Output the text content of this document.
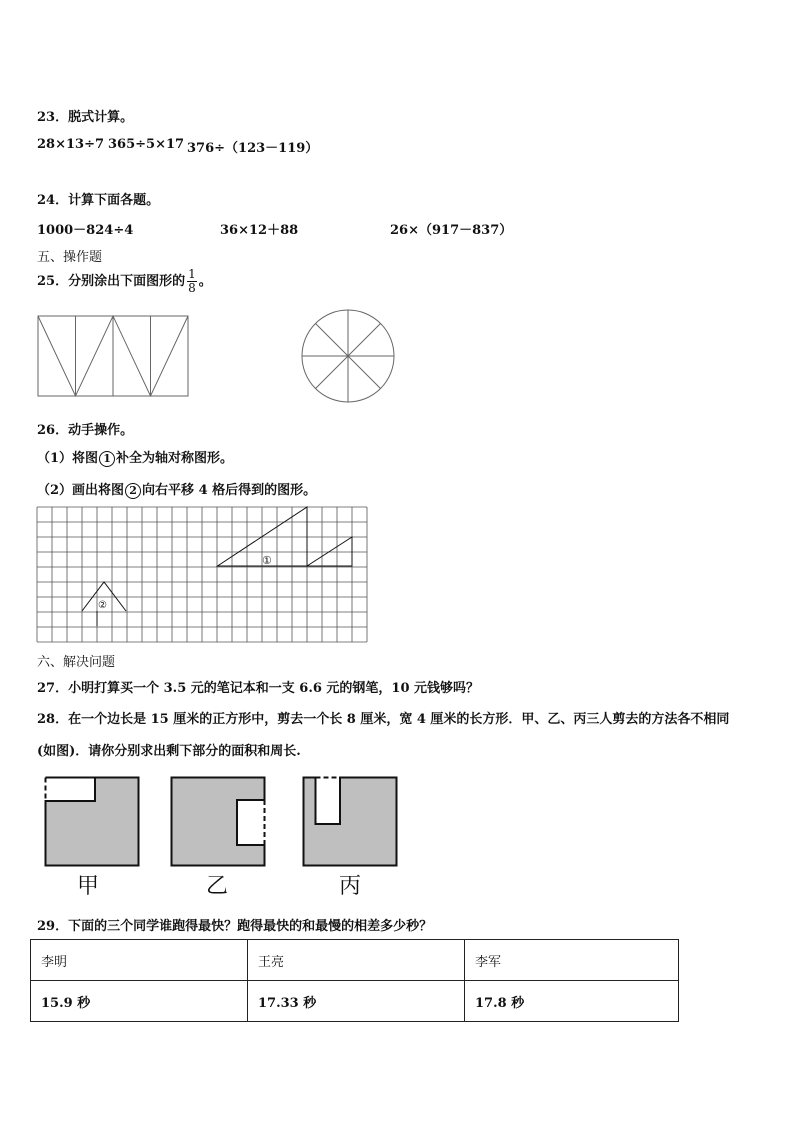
23．脱式计算。
28×13÷7 365÷5×17 376÷（123－119）
24．计算下面各题。
1000－824÷4	36×12＋88	26×（917－837）
五、操作题
25．分别涂出下面图形的 $\frac{1}{8}$ 。
26．动手操作。
（1）将图 1 补全为轴对称图形。
（2）画出将图 2 向右平移 4 格后得到的图形。
①
②
六、解决问题
27．小明打算买一个 3.5 元的笔记本和一支 6.6 元的钢笔，10 元钱够吗？
28．在一个边长是 15 厘米的正方形中，剪去一个长 8 厘米，宽 4 厘米的长方形．甲、乙、丙三人剪去的方法各不相同
(如图)．请你分别求出剩下部分的面积和周长.
甲	乙	丙
29．下面的三个同学谁跑得最快？跑得最快的和最慢的相差多少秒？
李明	王亮	李军
15.9 秒	17.33 秒	17.8 秒
